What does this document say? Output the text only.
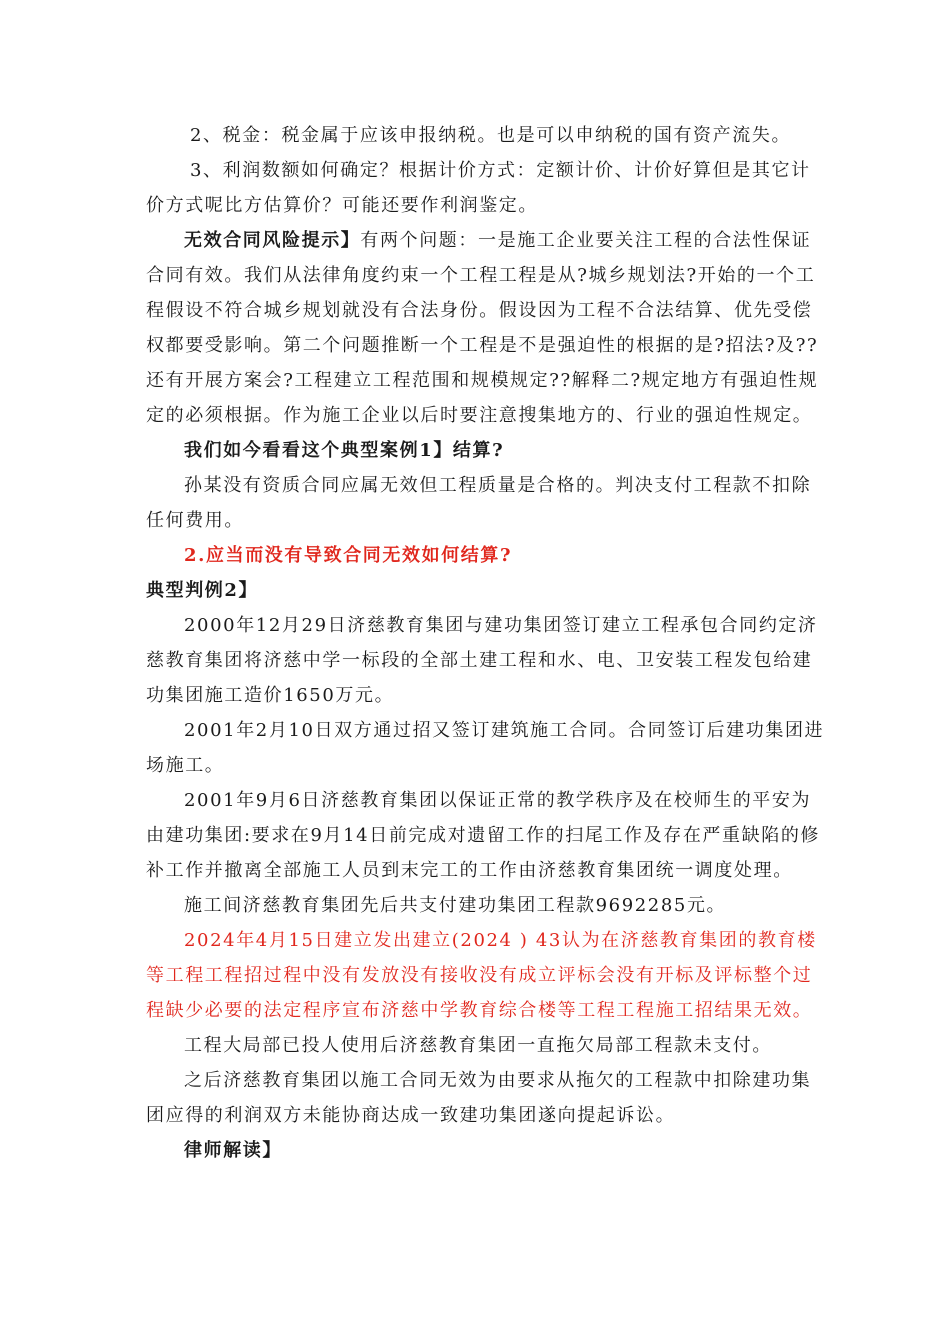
2、税金：税金属于应该申报纳税。也是可以申纳税的国有资产流失。

3、利润数额如何确定？根据计价方式：定额计价、计价好算但是其它计价方式呢比方估算价？可能还要作利润鉴定。

无效合同风险提示】有两个问题：一是施工企业要关注工程的合法性保证合同有效。我们从法律角度约束一个工程工程是从?城乡规划法?开始的一个工程假设不符合城乡规划就没有合法身份。假设因为工程不合法结算、优先受偿权都要受影响。第二个问题推断一个工程是不是强迫性的根据的是?招法?及??还有开展方案会?工程建立工程范围和规模规定??解释二?规定地方有强迫性规定的必须根据。作为施工企业以后时要注意搜集地方的、行业的强迫性规定。

我们如今看看这个典型案例1】结算?

孙某没有资质合同应属无效但工程质量是合格的。判决支付工程款不扣除任何费用。

2.应当而没有导致合同无效如何结算?

典型判例2】

2000年12月29日济慈教育集团与建功集团签订建立工程承包合同约定济慈教育集团将济慈中学一标段的全部土建工程和水、电、卫安装工程发包给建功集团施工造价1650万元。

2001年2月10日双方通过招又签订建筑施工合同。合同签订后建功集团进场施工。

2001年9月6日济慈教育集团以保证正常的教学秩序及在校师生的平安为由建功集团:要求在9月14日前完成对遗留工作的扫尾工作及存在严重缺陷的修补工作并撤离全部施工人员到末完工的工作由济慈教育集团统一调度处理。

施工间济慈教育集团先后共支付建功集团工程款9692285元。

2024年4月15日建立发出建立(2024 ) 43认为在济慈教育集团的教育楼等工程工程招过程中没有发放没有接收没有成立评标会没有开标及评标整个过程缺少必要的法定程序宣布济慈中学教育综合楼等工程工程施工招结果无效。

工程大局部已投人使用后济慈教育集团一直拖欠局部工程款未支付。

之后济慈教育集团以施工合同无效为由要求从拖欠的工程款中扣除建功集团应得的利润双方未能协商达成一致建功集团遂向提起诉讼。

律师解读】
